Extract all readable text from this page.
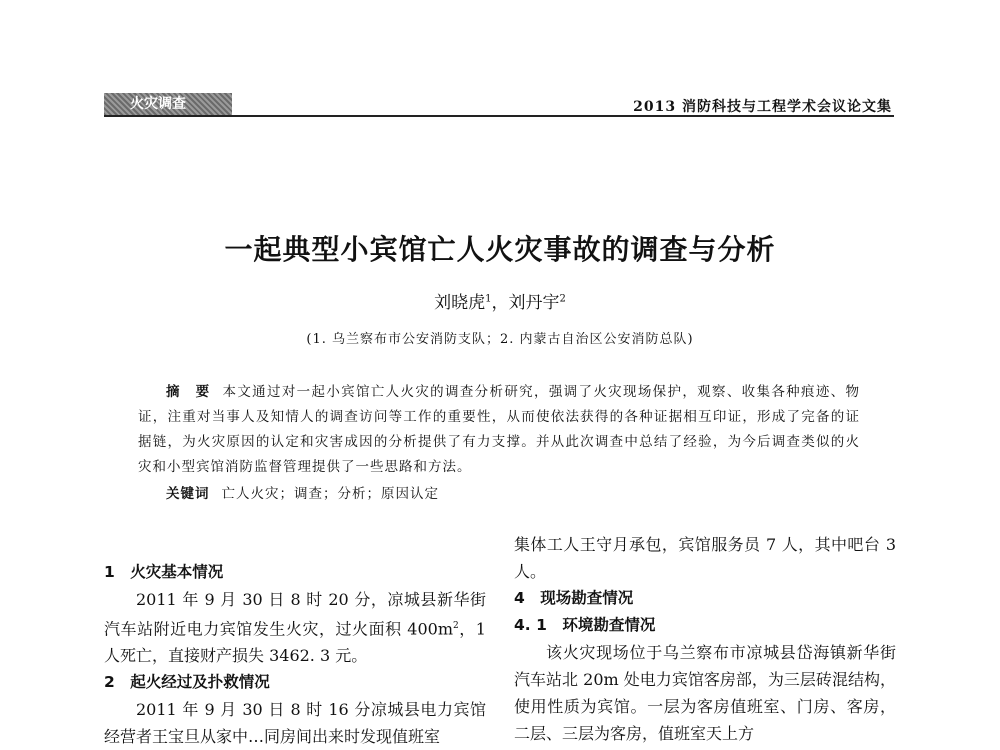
火灾调查	2013 消防科技与工程学术会议论文集
一起典型小宾馆亡人火灾事故的调查与分析
刘晓虎$^1$，刘丹宇$^2$
(1. 乌兰察布市公安消防支队；2. 内蒙古自治区公安消防总队)
摘　要 本文通过对一起小宾馆亡人火灾的调查分析研究，强调了火灾现场保护，观察、收集各种痕迹、物证，注重对当事人及知情人的调查访问等工作的重要性，从而使依法获得的各种证据相互印证，形成了完备的证据链，为火灾原因的认定和灾害成因的分析提供了有力支撑。并从此次调查中总结了经验，为今后调查类似的火灾和小型宾馆消防监督管理提供了一些思路和方法。
关键词 亡人火灾；调查；分析；原因认定
1　火灾基本情况
2011 年 9 月 30 日 8 时 20 分，凉城县新华街汽车站附近电力宾馆发生火灾，过火面积 $400m^2$，1 人死亡，直接财产损失 3462. 3 元。
2　起火经过及扑救情况
2011 年 9 月 30 日 8 时 16 分凉城县电力宾馆经营者王宝旦从家中…同房间出来时发现值班室
集体工人王守月承包，宾馆服务员 7 人，其中吧台 3 人。
4　现场勘查情况
4. 1　环境勘查情况
该火灾现场位于乌兰察布市凉城县岱海镇新华街汽车站北 20m 处电力宾馆客房部，为三层砖混结构，使用性质为宾馆。一层为客房值班室、门房、客房，二层、三层为客房，值班室天上方
